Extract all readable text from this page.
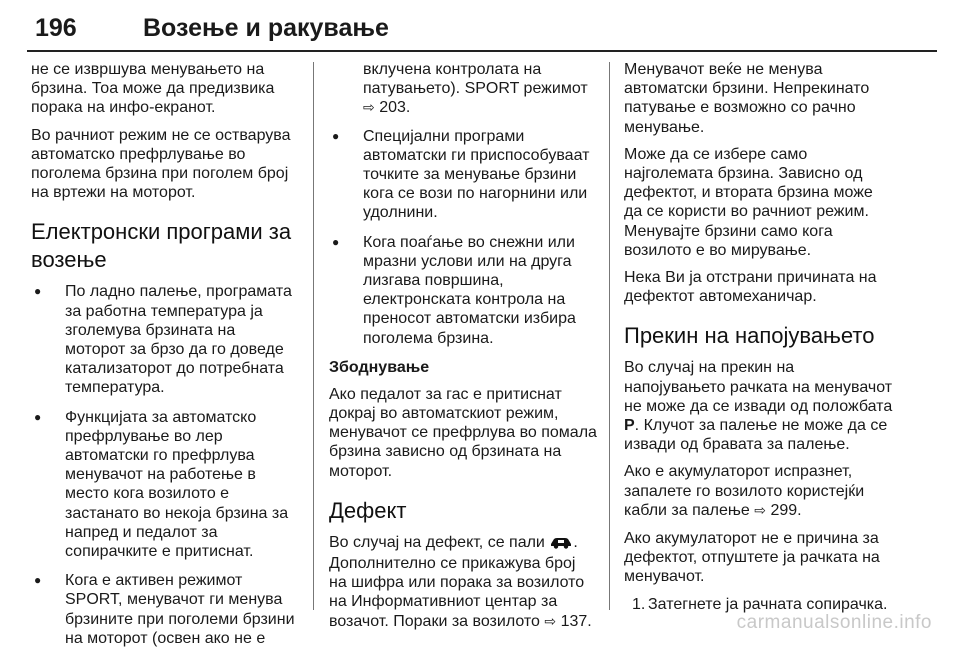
196	Возење и ракување

не се извршува менувањето на брзина. Тоа може да предизвика порака на инфо-екранот.

Во рачниот режим не се остварува автоматско префрлување во поголема брзина при поголем број на вртежи на моторот.

Електронски програми за возење
● По ладно палење, програмата за работна температура ја зголемува брзината на моторот за брзо да го доведе катализаторот до потребната температура.
● Функцијата за автоматско префрлување во лер автоматски го префрлува менувачот на работење в место кога возилото е застанато во некоја брзина за напред и педалот за сопирачките е притиснат.
● Кога е активен режимот SPORT, менувачот ги менува брзините при поголеми брзини на моторот (освен ако не е

вклучена контролата на патувањето). SPORT режимот ⇨ 203.

● Специјални програми автоматски ги приспособуваат точките за менување брзини кога се вози по нагорнини или удолнини.
● Кога поаѓање во снежни или мразни услови или на друга лизгава површина, електронската контрола на преносот автоматски избира поголема брзина.
Збоднување

Ако педалот за гас е притиснат докрај во автоматскиот режим, менувачот се префрлува во помала брзина зависно од брзината на моторот.

Дефект

Во случај на дефект, се пали . Дополнително се прикажува број на шифра или порака за возилото на Информативниот центар за возачот. Пораки за возилото ⇨ 137.

Менувачот веќе не менува автоматски брзини. Непрекинато патување е возможно со рачно менување.

Може да се избере само најголемата брзина. Зависно од дефектот, и втората брзина може да се користи во рачниот режим. Менувајте брзини само кога возилото е во мирување.

Нека Ви ја отстрани причината на дефектот автомеханичар.

Прекин на напојувањето

Во случај на прекин на напојувањето рачката на менувачот не може да се извади од положбата P. Клучот за палење не може да се извади од бравата за палење.

Ако е акумулаторот испразнет, запалете го возилото користејќи кабли за палење ⇨ 299.

Ако акумулаторот не е причина за дефектот, отпуштете ја рачката на менувачот.

1. Затегнете ја рачната сопирачка.
carmanualsonline.info
